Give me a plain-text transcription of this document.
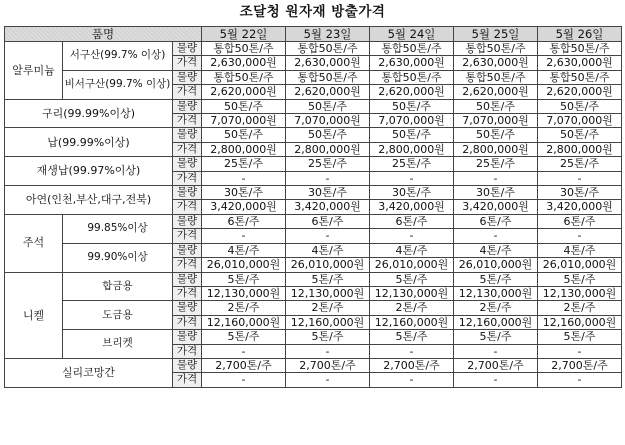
조달청 원자재 방출가격
품명			5월 22일	5월 23일	5월 24일	5월 25일	5월 26일
알루미늄	서구산(99.7% 이상)	물량	통합50톤/주	통합50톤/주	통합50톤/주	통합50톤/주	통합50톤/주
		가격	2,630,000원	2,630,000원	2,630,000원	2,630,000원	2,630,000원
	비서구산(99.7% 이상)	물량	통합50톤/주	통합50톤/주	통합50톤/주	통합50톤/주	통합50톤/주
		가격	2,620,000원	2,620,000원	2,620,000원	2,620,000원	2,620,000원
구리(99.99%이상)		물량	50톤/주	50톤/주	50톤/주	50톤/주	50톤/주
		가격	7,070,000원	7,070,000원	7,070,000원	7,070,000원	7,070,000원
납(99.99%이상)		물량	50톤/주	50톤/주	50톤/주	50톤/주	50톤/주
		가격	2,800,000원	2,800,000원	2,800,000원	2,800,000원	2,800,000원
재생납(99.97%이상)		물량	25톤/주	25톤/주	25톤/주	25톤/주	25톤/주
		가격	-	-	-	-	-
아연(인천,부산,대구,전북)		물량	30톤/주	30톤/주	30톤/주	30톤/주	30톤/주
		가격	3,420,000원	3,420,000원	3,420,000원	3,420,000원	3,420,000원
주석	99.85%이상	물량	6톤/주	6톤/주	6톤/주	6톤/주	6톤/주
		가격	-	-	-	-	-
	99.90%이상	물량	4톤/주	4톤/주	4톤/주	4톤/주	4톤/주
		가격	26,010,000원	26,010,000원	26,010,000원	26,010,000원	26,010,000원
니켈	합금용	물량	5톤/주	5톤/주	5톤/주	5톤/주	5톤/주
		가격	12,130,000원	12,130,000원	12,130,000원	12,130,000원	12,130,000원
	도금용	물량	2톤/주	2톤/주	2톤/주	2톤/주	2톤/주
		가격	12,160,000원	12,160,000원	12,160,000원	12,160,000원	12,160,000원
	브리켓	물량	5톤/주	5톤/주	5톤/주	5톤/주	5톤/주
		가격	-	-	-	-	-
실리코망간		물량	2,700톤/주	2,700톤/주	2,700톤/주	2,700톤/주	2,700톤/주
		가격	-	-	-	-	-
